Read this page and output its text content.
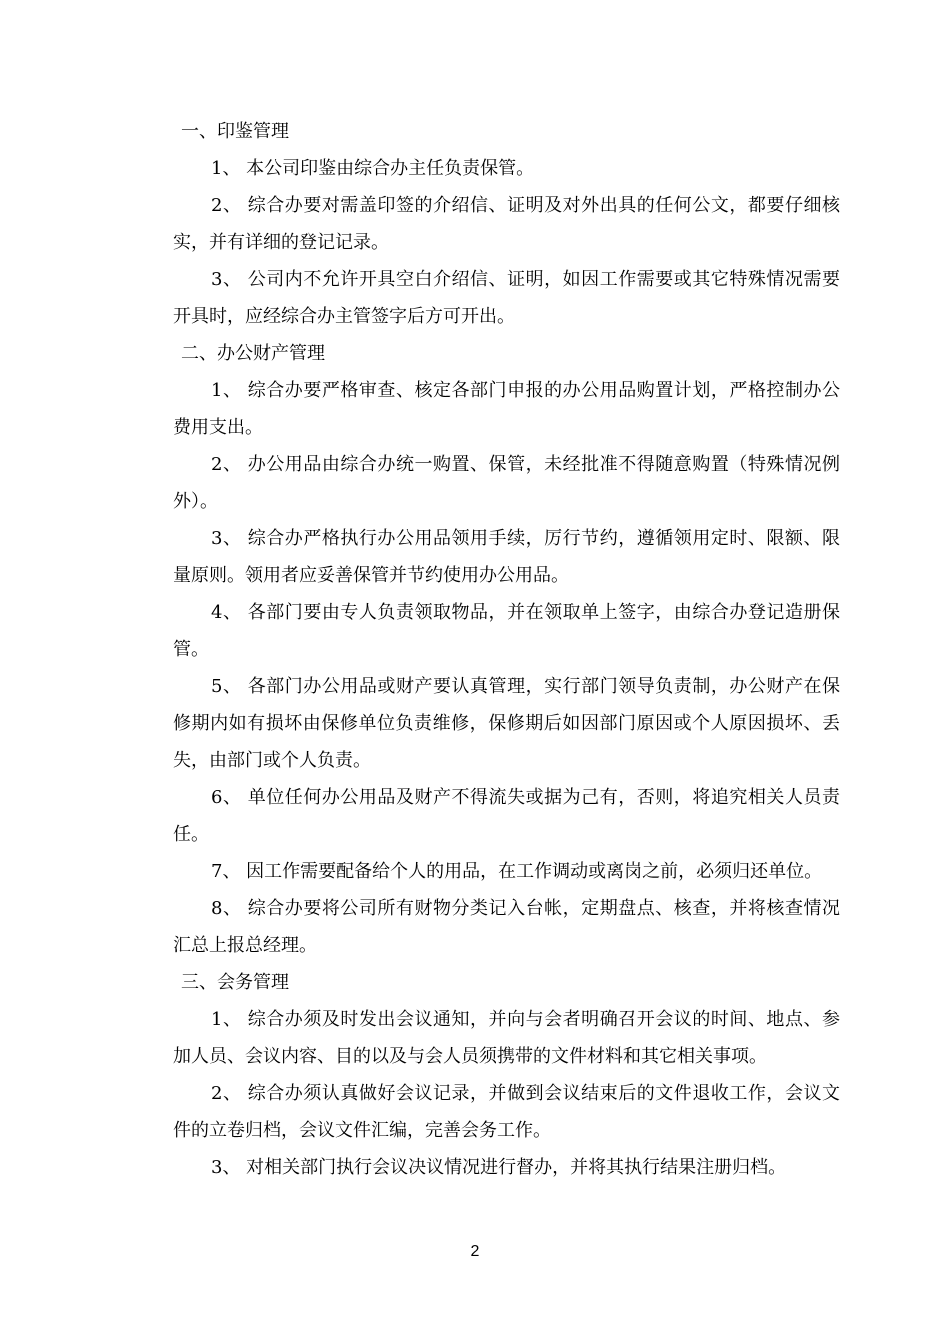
一、印鉴管理

1、 本公司印鉴由综合办主任负责保管。

2、 综合办要对需盖印签的介绍信、证明及对外出具的任何公文，都要仔细核实，并有详细的登记记录。

3、 公司内不允许开具空白介绍信、证明，如因工作需要或其它特殊情况需要开具时，应经综合办主管签字后方可开出。

二、办公财产管理

1、 综合办要严格审查、核定各部门申报的办公用品购置计划，严格控制办公费用支出。

2、 办公用品由综合办统一购置、保管，未经批准不得随意购置（特殊情况例外）。

3、 综合办严格执行办公用品领用手续，厉行节约，遵循领用定时、限额、限量原则。领用者应妥善保管并节约使用办公用品。

4、 各部门要由专人负责领取物品，并在领取单上签字，由综合办登记造册保管。

5、 各部门办公用品或财产要认真管理，实行部门领导负责制，办公财产在保修期内如有损坏由保修单位负责维修，保修期后如因部门原因或个人原因损坏、丢失，由部门或个人负责。

6、 单位任何办公用品及财产不得流失或据为己有，否则，将追究相关人员责任。

7、 因工作需要配备给个人的用品，在工作调动或离岗之前，必须归还单位。

8、 综合办要将公司所有财物分类记入台帐，定期盘点、核查，并将核查情况汇总上报总经理。

三、会务管理

1、 综合办须及时发出会议通知，并向与会者明确召开会议的时间、地点、参加人员、会议内容、目的以及与会人员须携带的文件材料和其它相关事项。

2、 综合办须认真做好会议记录，并做到会议结束后的文件退收工作，会议文件的立卷归档，会议文件汇编，完善会务工作。

3、 对相关部门执行会议决议情况进行督办，并将其执行结果注册归档。

2
